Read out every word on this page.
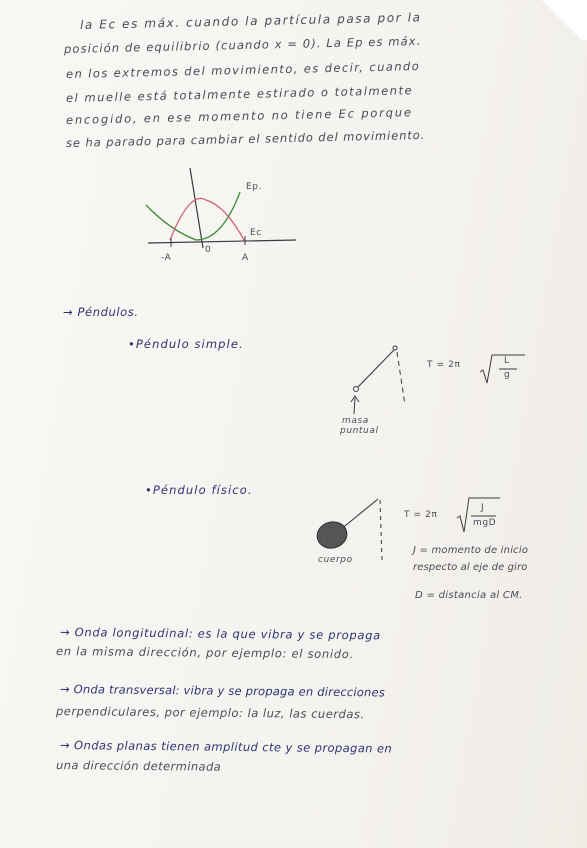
la Ec es máx. cuando la partícula pasa por la
posición de equilibrio (cuando x = 0). La Ep es máx.
en los extremos del movimiento, es decir, cuando
el muelle está totalmente estirado o totalmente
encogido, en ese momento no tiene Ec porque
se ha parado para cambiar el sentido del movimiento.
Ep.
Ec
0
-A	A
→ Péndulos.
•Péndulo simple.
T = 2π	L
g
masa
puntual
•Péndulo físico.
T = 2π
J
mgD
cuerpo
J = momento de inicio
respecto al eje de giro
D = distancia al CM.
→ Onda longitudinal: es la que vibra y se propaga
en la misma dirección, por ejemplo: el sonido.
→ Onda transversal: vibra y se propaga en direcciones
perpendiculares, por ejemplo: la luz, las cuerdas.
→ Ondas planas tienen amplitud cte y se propagan en
una dirección determinada
